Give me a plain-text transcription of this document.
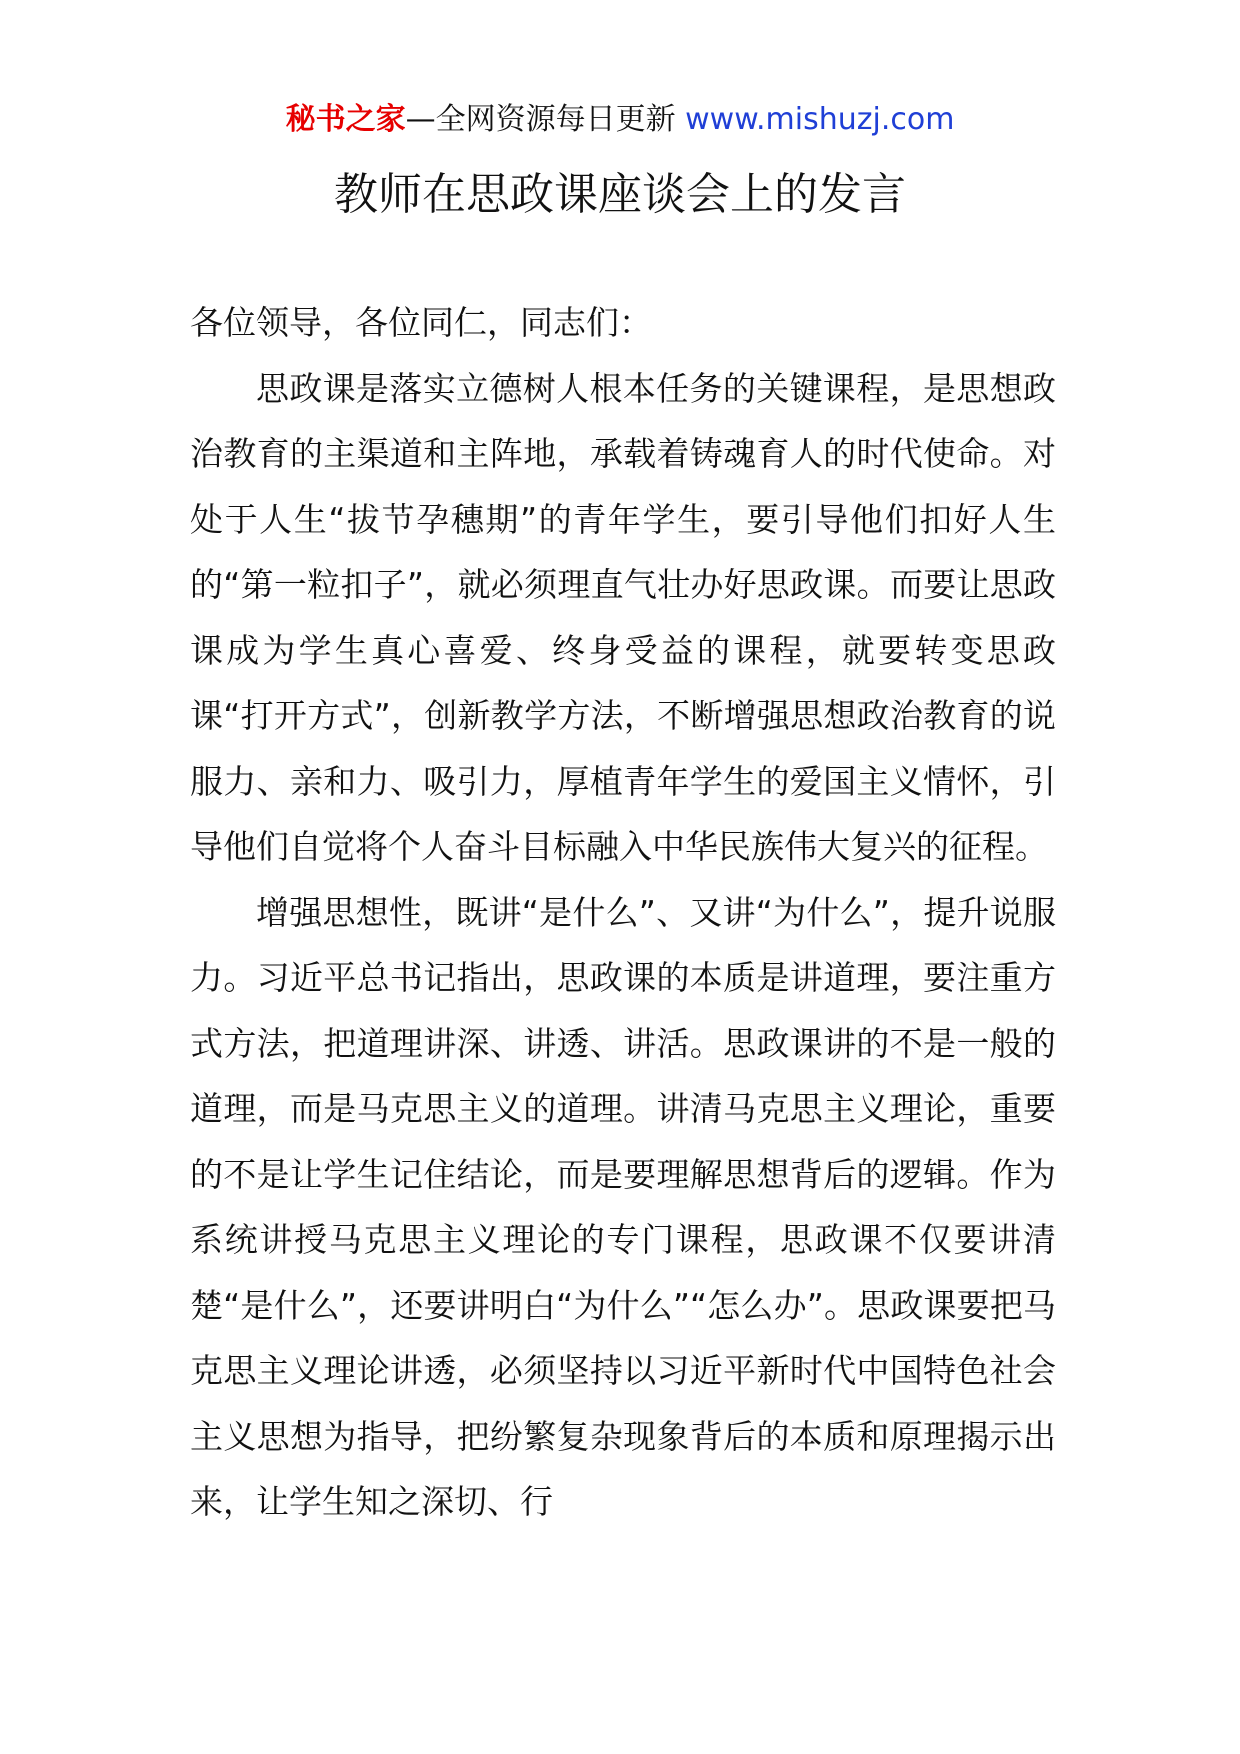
秘书之家—全网资源每日更新 www.mishuzj.com
教师在思政课座谈会上的发言

各位领导，各位同仁，同志们：

思政课是落实立德树人根本任务的关键课程，是思想政治教育的主渠道和主阵地，承载着铸魂育人的时代使命。对处于人生“拔节孕穗期”的青年学生，要引导他们扣好人生的“第一粒扣子”，就必须理直气壮办好思政课。而要让思政课成为学生真心喜爱、终身受益的课程，就要转变思政课“打开方式”，创新教学方法，不断增强思想政治教育的说服力、亲和力、吸引力，厚植青年学生的爱国主义情怀，引导他们自觉将个人奋斗目标融入中华民族伟大复兴的征程。

增强思想性，既讲“是什么”、又讲“为什么”，提升说服力。习近平总书记指出，思政课的本质是讲道理，要注重方式方法，把道理讲深、讲透、讲活。思政课讲的不是一般的道理，而是马克思主义的道理。讲清马克思主义理论，重要的不是让学生记住结论，而是要理解思想背后的逻辑。作为系统讲授马克思主义理论的专门课程，思政课不仅要讲清楚“是什么”，还要讲明白“为什么”“怎么办”。思政课要把马克思主义理论讲透，必须坚持以习近平新时代中国特色社会主义思想为指导，把纷繁复杂现象背后的本质和原理揭示出来，让学生知之深切、行
